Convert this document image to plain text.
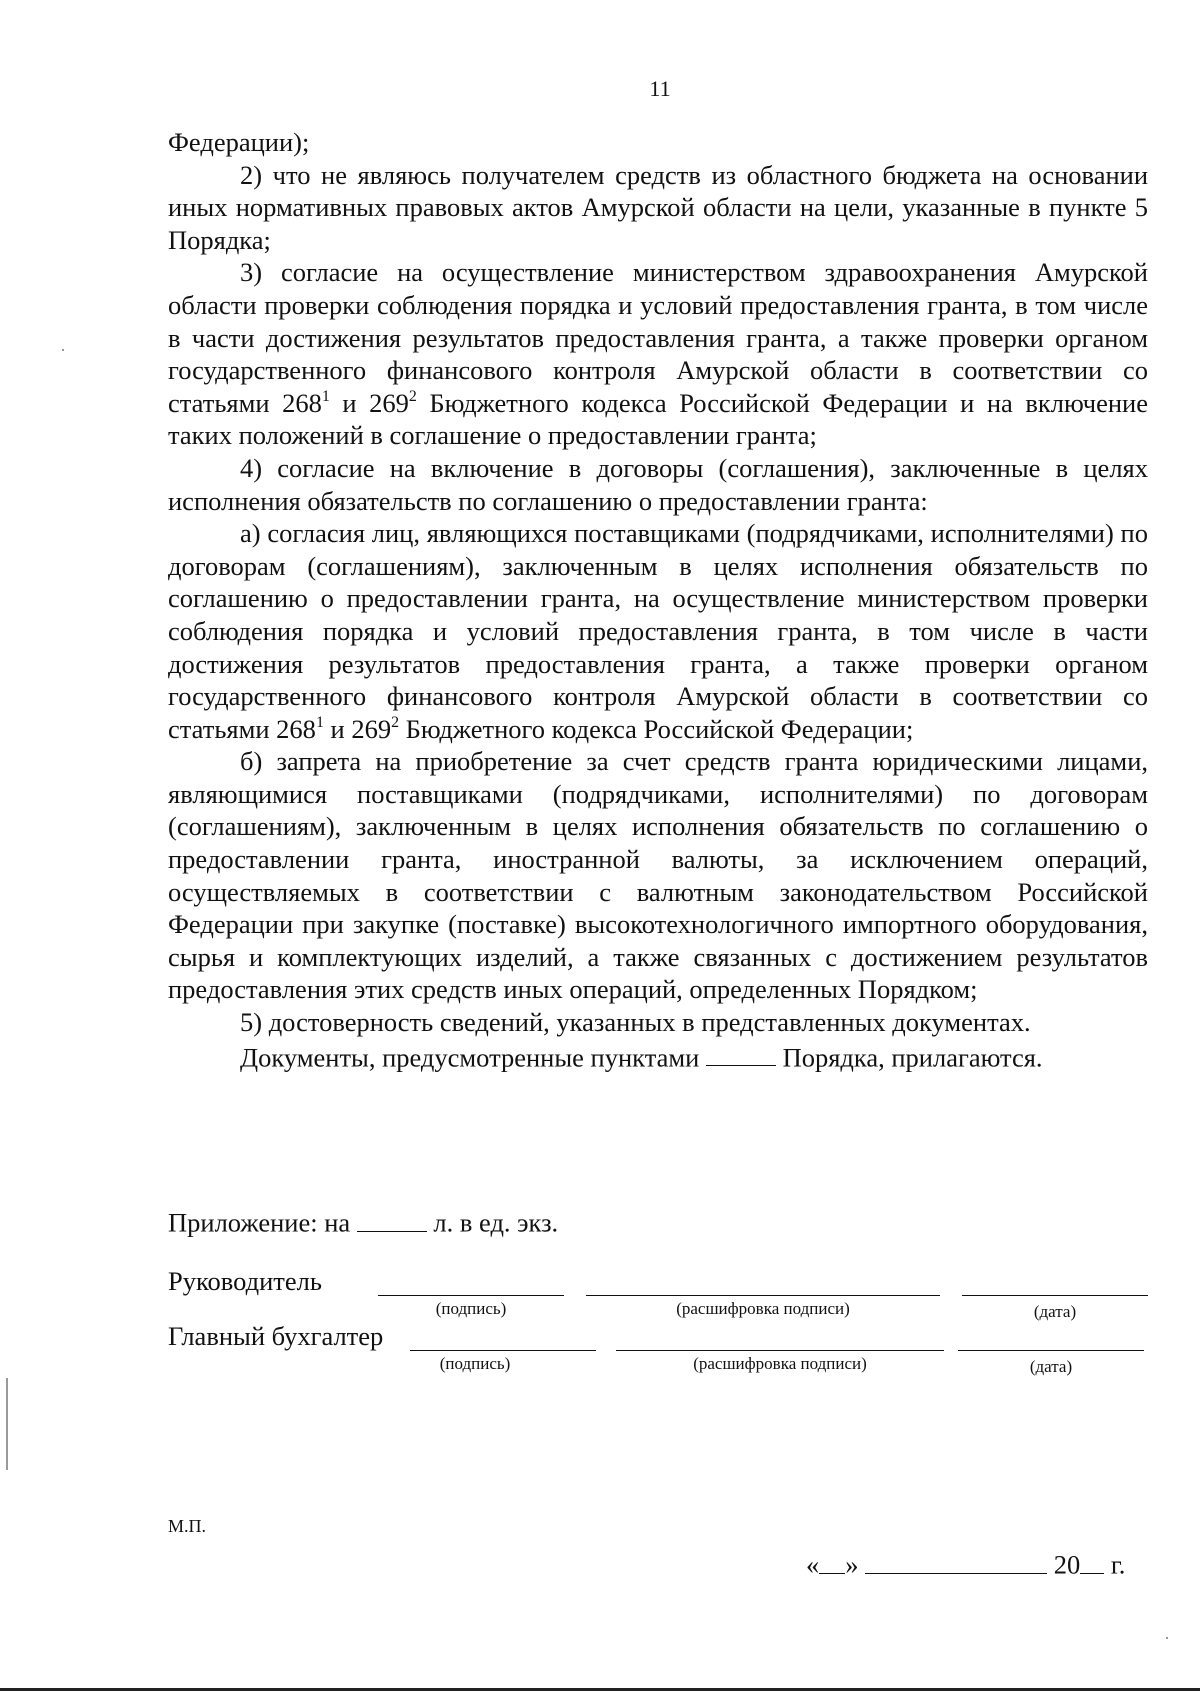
11

Федерации);

2) что не являюсь получателем средств из областного бюджета на основании иных нормативных правовых актов Амурской области на цели, указанные в пункте 5 Порядка;

3) согласие на осуществление министерством здравоохранения Амурской области проверки соблюдения порядка и условий предоставления гранта, в том числе в части достижения результатов предоставления гранта, а также проверки органом государственного финансового контроля Амурской области в соответствии со статьями $268^1$ и $269^2$ Бюджетного кодекса Российской Федерации и на включение таких положений в соглашение о предоставлении гранта;

4) согласие на включение в договоры (соглашения), заключенные в целях исполнения обязательств по соглашению о предоставлении гранта:

а) согласия лиц, являющихся поставщиками (подрядчиками, исполнителями) по договорам (соглашениям), заключенным в целях исполнения обязательств по соглашению о предоставлении гранта, на осуществление министерством проверки соблюдения порядка и условий предоставления гранта, в том числе в части достижения результатов предоставления гранта, а также проверки органом государственного финансового контроля Амурской области в соответствии со статьями $268^1$ и $269^2$ Бюджетного кодекса Российской Федерации;

б) запрета на приобретение за счет средств гранта юридическими лицами, являющимися поставщиками (подрядчиками, исполнителями) по договорам (соглашениям), заключенным в целях исполнения обязательств по соглашению о предоставлении гранта, иностранной валюты, за исключением операций, осуществляемых в соответствии с валютным законодательством Российской Федерации при закупке (поставке) высокотехнологичного импортного оборудования, сырья и комплектующих изделий, а также связанных с достижением результатов предоставления этих средств иных операций, определенных Порядком;

5) достоверность сведений, указанных в представленных документах.

Документы, предусмотренные пунктами	Порядка, прилагаются.

Приложение: на	л. в ед. экз.
Руководитель
(подпись)	(расшифровка подписи)	(дата)
Главный бухгалтер
(подпись)	(расшифровка подписи)	(дата)
М.П.
« »	20 г.
